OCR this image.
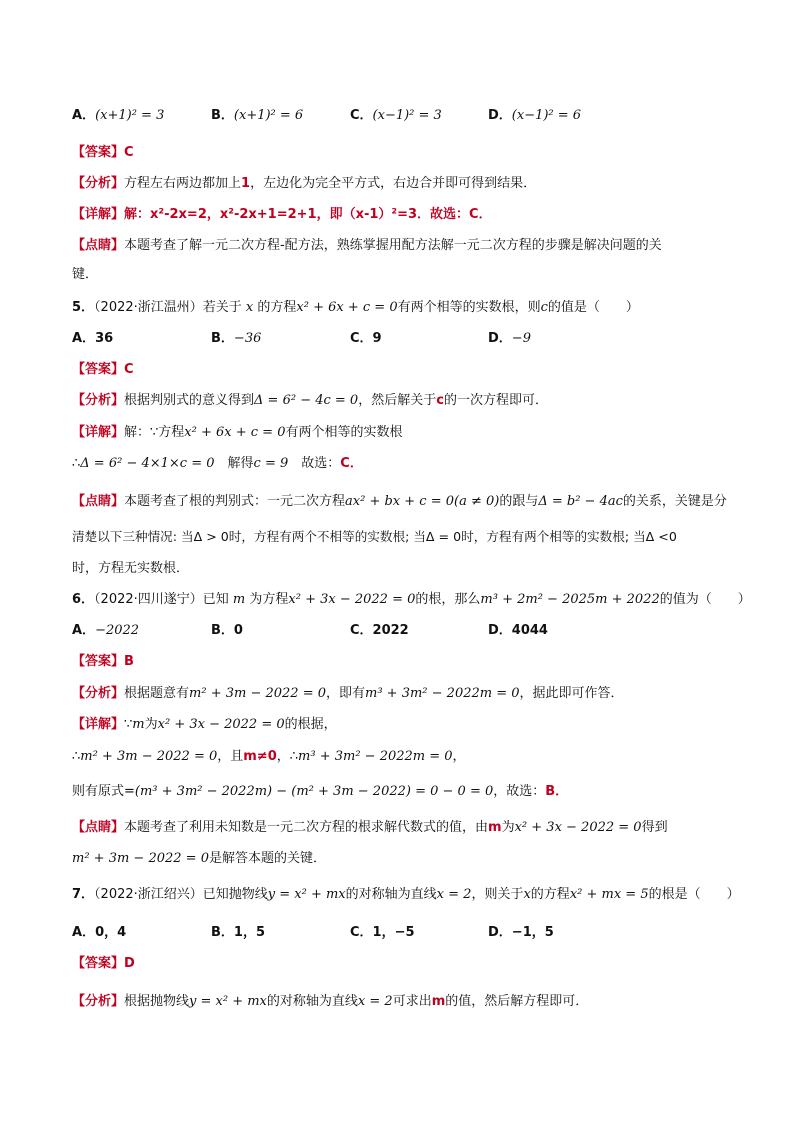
A．(x+1)² = 3	B．(x+1)² = 6	C．(x−1)² = 3	D．(x−1)² = 6
【答案】C
【分析】方程左右两边都加上1，左边化为完全平方式，右边合并即可得到结果．
【详解】解：x²-2x=2，x²-2x+1=2+1，即（x-1）²=3．故选：C．
【点睛】本题考查了解一元二次方程-配方法，熟练掌握用配方法解一元二次方程的步骤是解决问题的关
键．
5．（2022·浙江温州）若关于 x 的方程x² + 6x + c = 0有两个相等的实数根，则c的值是（　　）
A．36	B．−36	C．9	D．−9
【答案】C
【分析】根据判别式的意义得到Δ = 6² − 4c = 0，然后解关于c的一次方程即可．
【详解】解：∵方程x² + 6x + c = 0有两个相等的实数根
∴Δ = 6² − 4×1×c = 0　 解得c = 9　 故选：C．
【点睛】本题考查了根的判别式：一元二次方程ax² + bx + c = 0(a ≠ 0)的跟与Δ = b² − 4ac的关系，关键是分
清楚以下三种情况: 当Δ > 0时，方程有两个不相等的实数根; 当Δ = 0时，方程有两个相等的实数根; 当Δ <0
时，方程无实数根．
6．（2022·四川遂宁）已知 m 为方程x² + 3x − 2022 = 0的根，那么m³ + 2m² − 2025m + 2022的值为（　　）
A．−2022	B．0	C．2022	D．4044
【答案】B
【分析】根据题意有m² + 3m − 2022 = 0，即有m³ + 3m² − 2022m = 0，据此即可作答．
【详解】∵m为x² + 3x − 2022 = 0的根据，
∴m² + 3m − 2022 = 0，且m≠0，∴m³ + 3m² − 2022m = 0，
则有原式=(m³ + 3m² − 2022m) − (m² + 3m − 2022) = 0 − 0 = 0，故选：B．
【点睛】本题考查了利用未知数是一元二次方程的根求解代数式的值，由m为x² + 3x − 2022 = 0得到
m² + 3m − 2022 = 0是解答本题的关键．
7．（2022·浙江绍兴）已知抛物线y = x² + mx的对称轴为直线x = 2，则关于x的方程x² + mx = 5的根是（　　）
A．0，4	B．1，5	C．1，−5	D．−1，5
【答案】D
【分析】根据抛物线y = x² + mx的对称轴为直线x = 2可求出m的值，然后解方程即可．
